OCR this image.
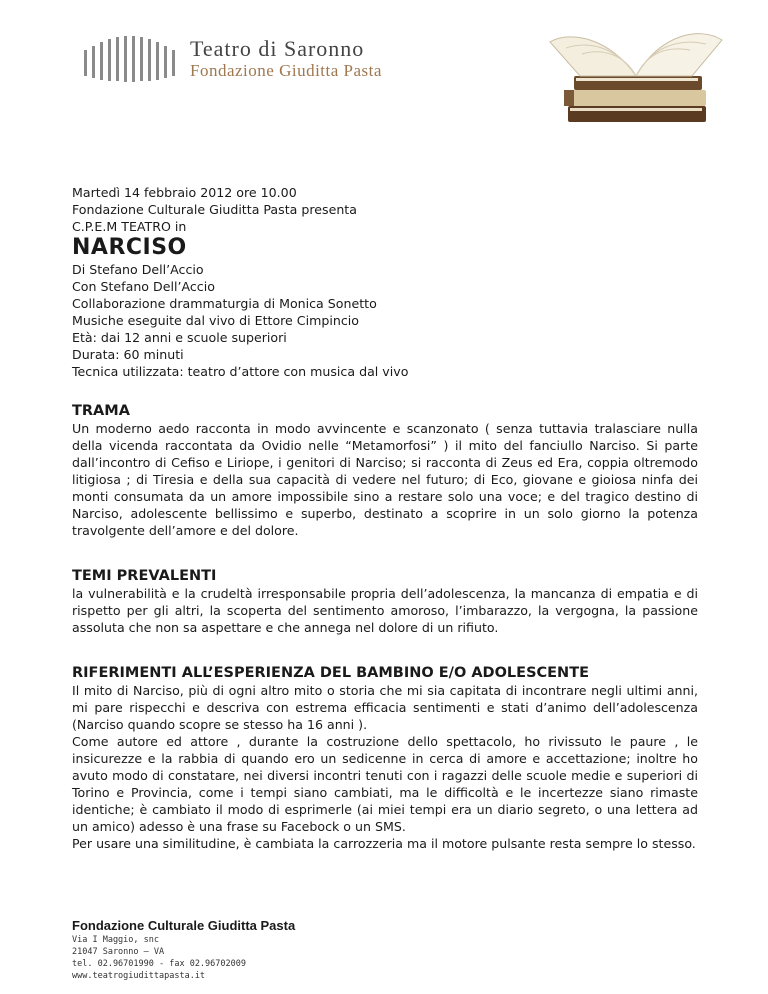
Teatro di Saronno
Fondazione Giuditta Pasta
Martedì 14 febbraio 2012 ore 10.00
Fondazione Culturale Giuditta Pasta presenta
C.P.E.M TEATRO in
NARCISO
Di Stefano Dell’Accio
Con Stefano Dell’Accio
Collaborazione drammaturgia di Monica Sonetto
Musiche eseguite dal vivo di Ettore Cimpincio
Età: dai 12 anni e scuole superiori
Durata: 60 minuti
Tecnica utilizzata: teatro d’attore con musica dal vivo
TRAMA
Un moderno aedo racconta in modo avvincente e scanzonato ( senza tuttavia tralasciare nulla della vicenda raccontata da Ovidio nelle “Metamorfosi” ) il mito del fanciullo Narciso. Si parte dall’incontro di Cefiso e Liriope, i genitori di Narciso; si racconta di Zeus ed Era, coppia oltremodo litigiosa ; di Tiresia e della sua capacità di vedere nel futuro; di Eco, giovane e gioiosa ninfa dei monti consumata da un amore impossibile sino a restare solo una voce; e del tragico destino di Narciso, adolescente bellissimo e superbo, destinato a scoprire in un solo giorno la potenza travolgente dell’amore e del dolore.
TEMI PREVALENTI
la vulnerabilità e la crudeltà irresponsabile propria dell’adolescenza, la mancanza di empatia e di rispetto per gli altri, la scoperta del sentimento amoroso, l’imbarazzo, la vergogna, la passione assoluta che non sa aspettare e che annega nel dolore di un rifiuto.
RIFERIMENTI ALL’ESPERIENZA DEL BAMBINO E/O ADOLESCENTE
Il mito di Narciso, più di ogni altro mito o storia che mi sia capitata di incontrare negli ultimi anni, mi pare rispecchi e descriva con estrema efficacia sentimenti e stati d’animo dell’adolescenza (Narciso quando scopre se stesso ha 16 anni ).
Come autore ed attore , durante la costruzione dello spettacolo, ho rivissuto le paure , le insicurezze e la rabbia di quando ero un sedicenne in cerca di amore e accettazione; inoltre ho avuto modo di constatare, nei diversi incontri tenuti con i ragazzi delle scuole medie e superiori di Torino e Provincia, come i tempi siano cambiati, ma le difficoltà e le incertezze siano rimaste identiche; è cambiato il modo di esprimerle (ai miei tempi era un diario segreto, o una lettera ad un amico) adesso è una frase su Facebock o un SMS.
Per usare una similitudine, è cambiata la carrozzeria ma il motore pulsante resta sempre lo stesso.
Fondazione Culturale Giuditta Pasta
Via I Maggio, snc
21047 Saronno – VA
tel. 02.96701990 - fax 02.96702009
www.teatrogiudittapasta.it
